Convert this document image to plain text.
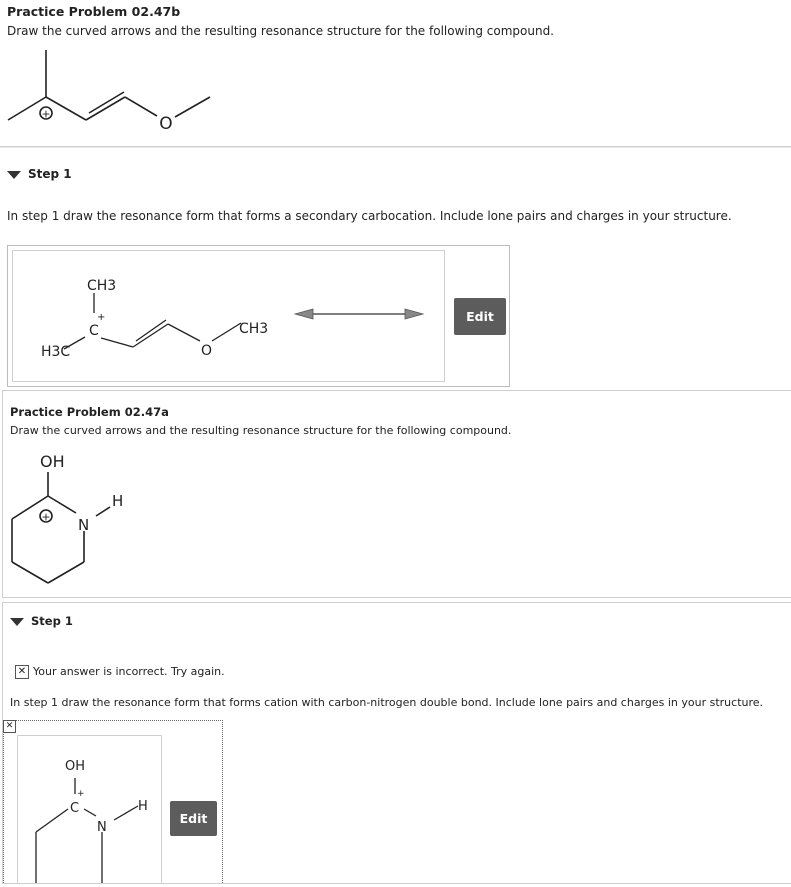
Practice Problem 02.47b
Draw the curved arrows and the resulting resonance structure for the following compound.
+	O
Step 1
In step 1 draw the resonance form that forms a secondary carbocation. Include lone pairs and charges in your structure.
CH3
+
C
H3C	O
CH3
Edit
Practice Problem 02.47a
Draw the curved arrows and the resulting resonance structure for the following compound.
OH
+ N
H
Step 1
✕ Your answer is incorrect. Try again.
In step 1 draw the resonance form that forms cation with carbon-nitrogen double bond. Include lone pairs and charges in your structure.
✕
OH
+
C
N
H
Edit
